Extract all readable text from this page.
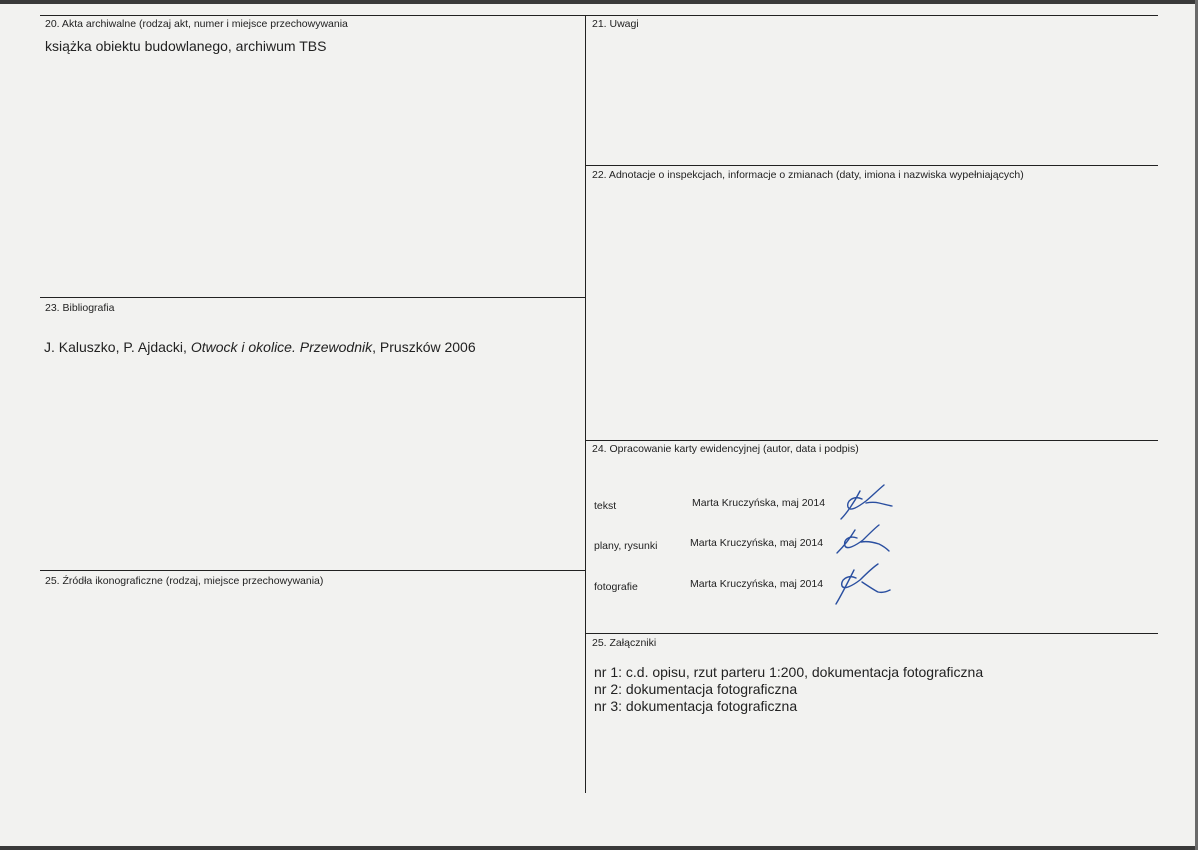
20. Akta archiwalne (rodzaj akt, numer i miejsce przechowywania
książka obiektu budowlanego, archiwum TBS
21. Uwagi
22. Adnotacje o inspekcjach, informacje o zmianach (daty, imiona i nazwiska wypełniających)
23. Bibliografia
J. Kaluszko, P. Ajdacki, Otwock i okolice. Przewodnik, Pruszków 2006
24. Opracowanie karty ewidencyjnej (autor, data i podpis)
tekst	Marta Kruczyńska, maj 2014
plany, rysunki	Marta Kruczyńska, maj 2014
fotografie	Marta Kruczyńska, maj 2014
25. Źródła ikonograficzne (rodzaj, miejsce przechowywania)
25. Załączniki
nr 1: c.d. opisu, rzut parteru 1:200, dokumentacja fotograficzna
nr 2: dokumentacja fotograficzna
nr 3: dokumentacja fotograficzna
